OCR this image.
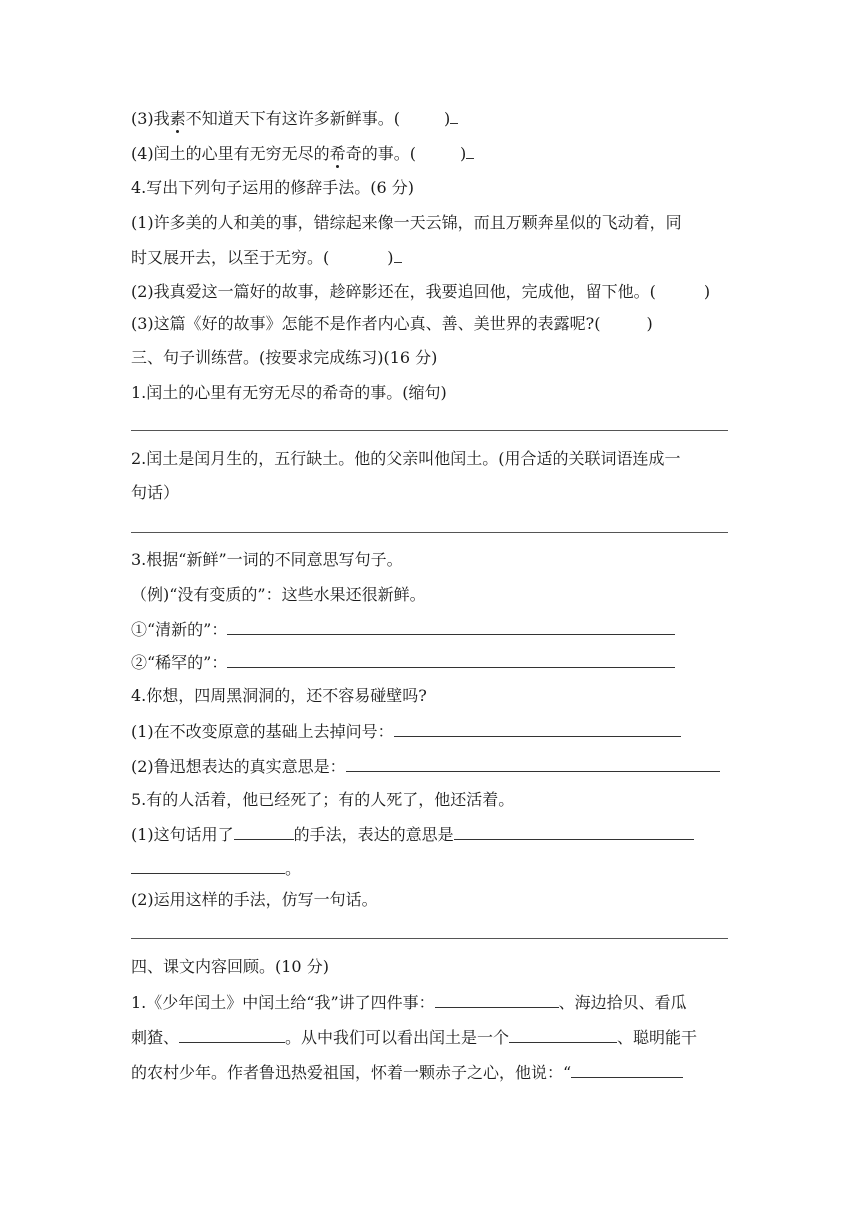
(3)我素不知道天下有这许多新鲜事。(	)
(4)闰土的心里有无穷无尽的希奇的事。(	)
4.写出下列句子运用的修辞手法。(6 分)
(1)许多美的人和美的事，错综起来像一天云锦，而且万颗奔星似的飞动着，同
时又展开去，以至于无穷。(	)
(2)我真爱这一篇好的故事，趁碎影还在，我要追回他，完成他，留下他。(	)
(3)这篇《好的故事》怎能不是作者内心真、善、美世界的表露呢?(	)
三、句子训练营。(按要求完成练习)(16 分)
1.闰土的心里有无穷无尽的希奇的事。(缩句)
2.闰土是闰月生的，五行缺土。他的父亲叫他闰土。(用合适的关联词语连成一
句话）
3.根据“新鲜”一词的不同意思写句子。
（例)“没有变质的”：这些水果还很新鲜。
①“清新的”：
②“稀罕的”：
4.你想，四周黑洞洞的，还不容易碰壁吗?
(1)在不改变原意的基础上去掉问号：
(2)鲁迅想表达的真实意思是：
5.有的人活着，他已经死了；有的人死了，他还活着。
(1)这句话用了	的手法，表达的意思是
。
(2)运用这样的手法，仿写一句话。
四、课文内容回顾。(10 分)
1.《少年闰土》中闰土给“我”讲了四件事：	、海边拾贝、看瓜
刺猹、	。从中我们可以看出闰土是一个	、聪明能干
的农村少年。作者鲁迅热爱祖国，怀着一颗赤子之心，他说：“
